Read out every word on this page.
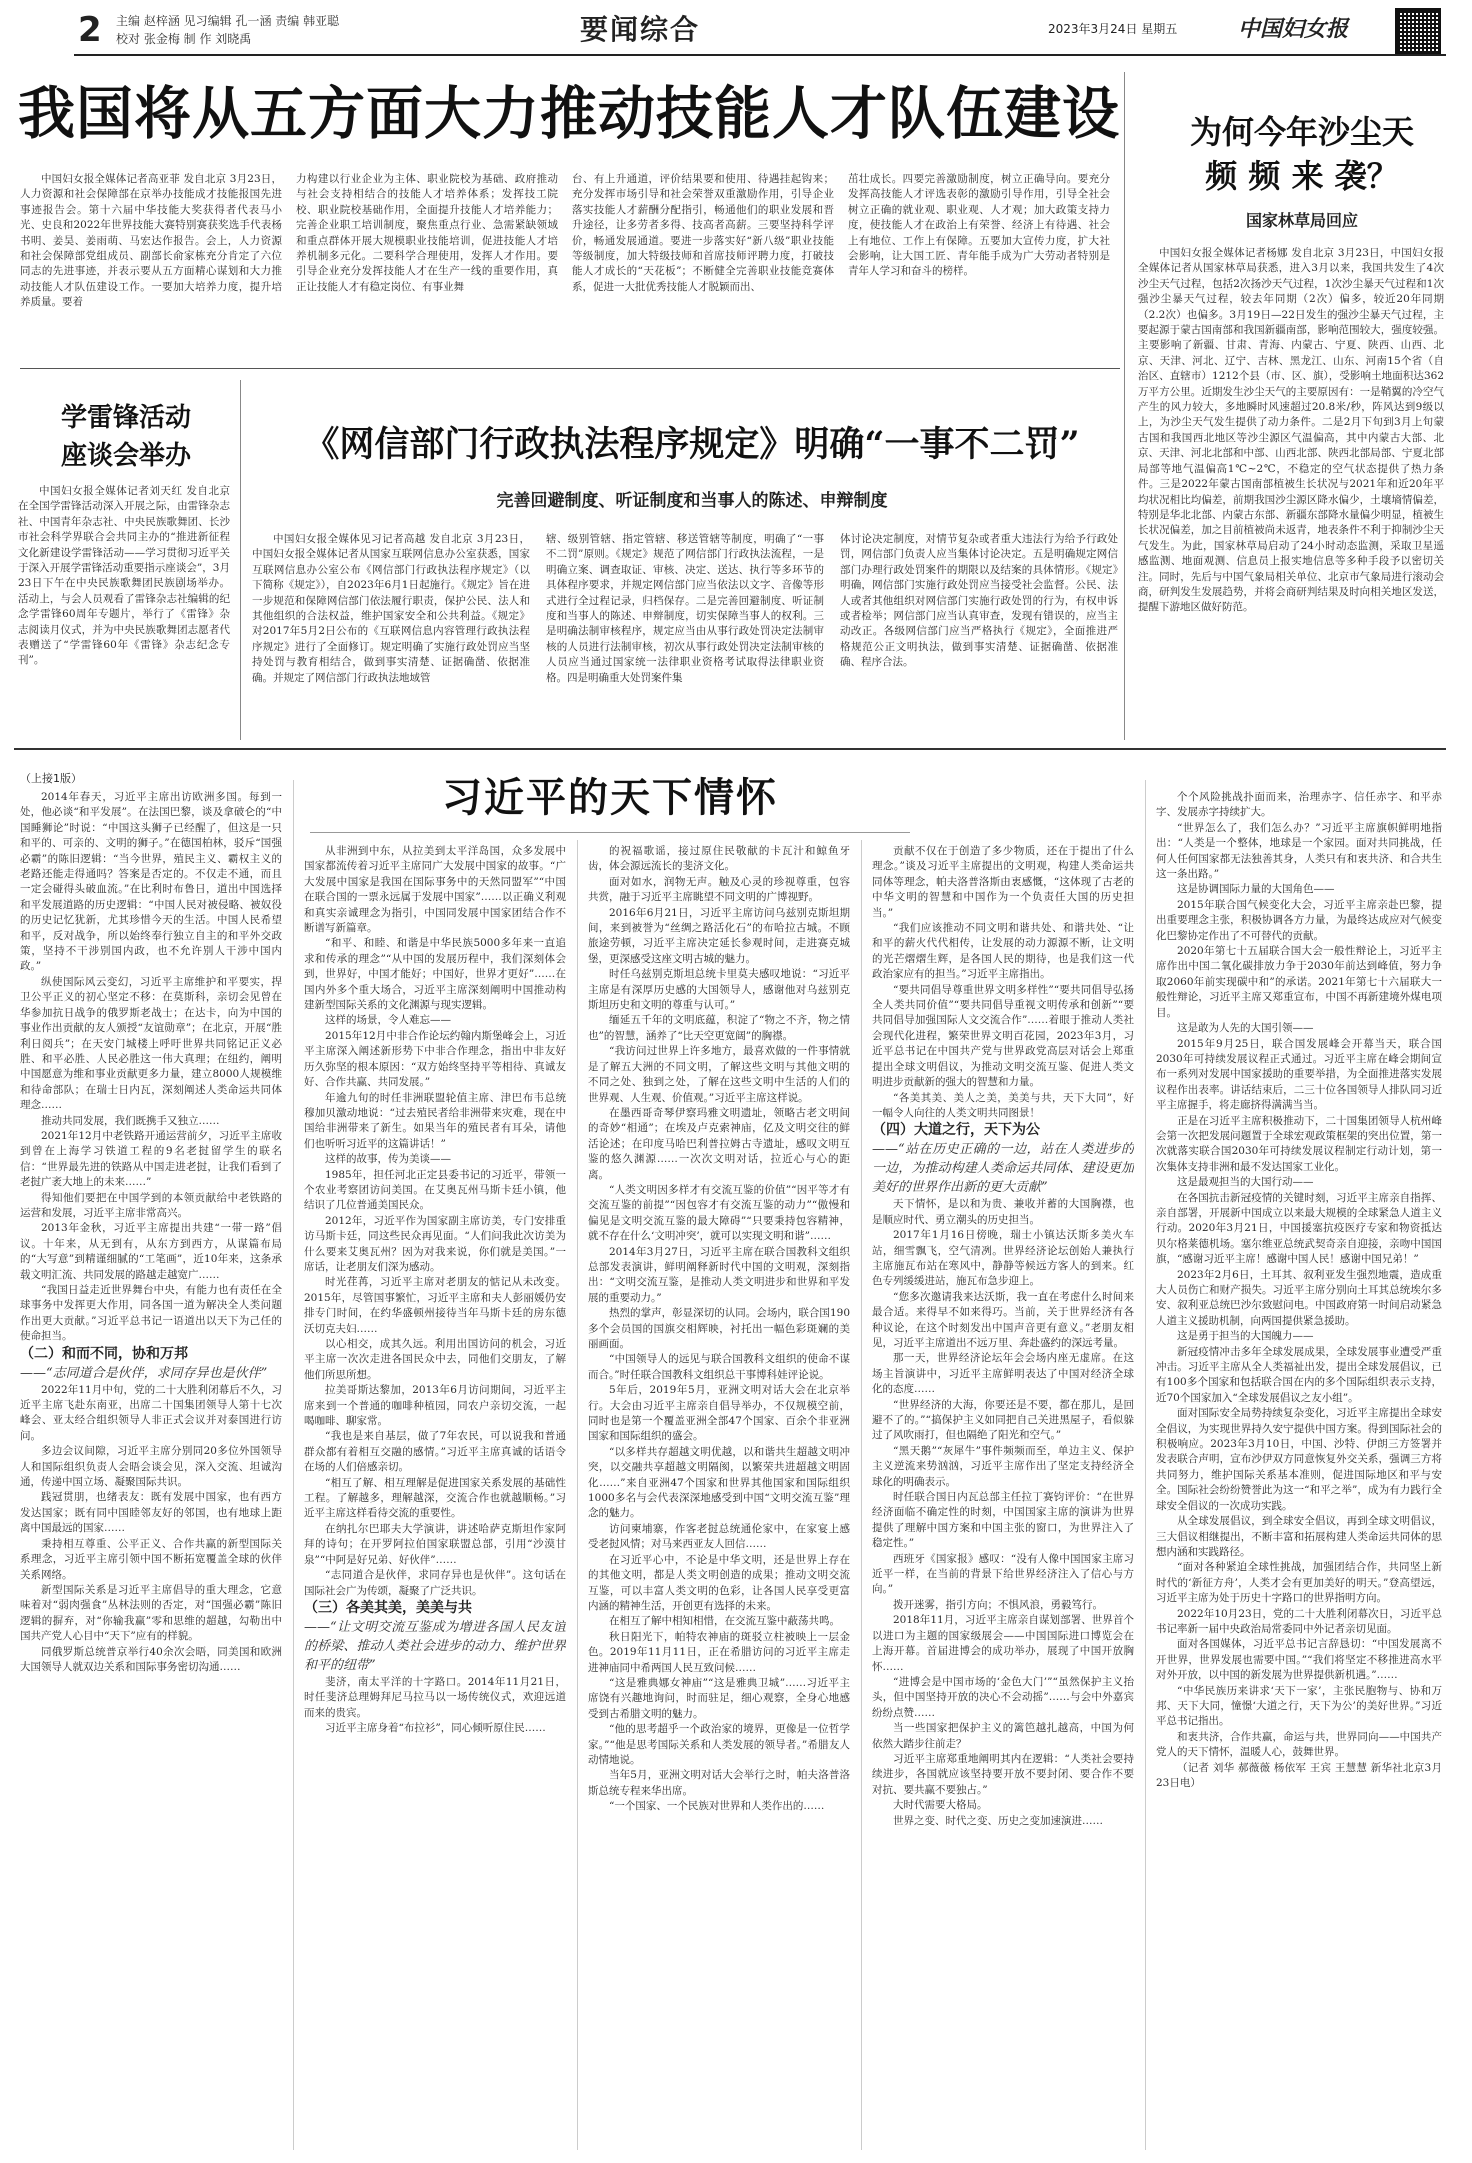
2	主编 赵梓涵 见习编辑 孔一涵 责编 韩亚聪
校对 张金梅 制 作 刘晓禹	要闻综合	2023年3月24日 星期五	中国妇女报
我国将从五方面大力推动技能人才队伍建设

中国妇女报全媒体记者高亚菲 发自北京 3月23日，人力资源和社会保障部在京举办技能成才技能报国先进事迹报告会。第十六届中华技能大奖获得者代表马小光、史良和2022年世界技能大赛特别赛获奖选手代表杨书明、姜昊、姜雨萌、马宏达作报告。会上，人力资源和社会保障部党组成员、副部长俞家栋充分肯定了六位同志的先进事迹，并表示要从五方面精心谋划和大力推动技能人才队伍建设工作。一要加大培养力度，提升培养质量。要着

力构建以行业企业为主体、职业院校为基础、政府推动与社会支持相结合的技能人才培养体系；发挥技工院校、职业院校基础作用，全面提升技能人才培养能力；完善企业职工培训制度，聚焦重点行业、急需紧缺领域和重点群体开展大规模职业技能培训，促进技能人才培养机制多元化。二要科学合理使用，发挥人才作用。要引导企业充分发挥技能人才在生产一线的重要作用，真正让技能人才有稳定岗位、有事业舞

台、有上升通道，评价结果要和使用、待遇挂起钩来；充分发挥市场引导和社会荣誉双重激励作用，引导企业落实技能人才薪酬分配指引，畅通他们的职业发展和晋升途径，让多劳者多得、技高者高薪。三要坚持科学评价，畅通发展通道。要进一步落实好“新八级”职业技能等级制度，加大特级技师和首席技师评聘力度，打破技能人才成长的“天花板”；不断健全完善职业技能竞赛体系，促进一大批优秀技能人才脱颖而出、

茁壮成长。四要完善激励制度，树立正确导向。要充分发挥高技能人才评选表彰的激励引导作用，引导全社会树立正确的就业观、职业观、人才观；加大政策支持力度，使技能人才在政治上有荣誉、经济上有待遇、社会上有地位、工作上有保障。五要加大宣传力度，扩大社会影响，让大国工匠、青年能手成为广大劳动者特别是青年人学习和奋斗的榜样。

为何今年沙尘天
频 频 来 袭？
国家林草局回应

中国妇女报全媒体记者杨娜 发自北京 3月23日，中国妇女报全媒体记者从国家林草局获悉，进入3月以来，我国共发生了4次沙尘天气过程，包括2次扬沙天气过程，1次沙尘暴天气过程和1次强沙尘暴天气过程，较去年同期（2次）偏多，较近20年同期（2.2次）也偏多。3月19日—22日发生的强沙尘暴天气过程，主要起源于蒙古国南部和我国新疆南部，影响范围较大，强度较强。主要影响了新疆、甘肃、青海、内蒙古、宁夏、陕西、山西、北京、天津、河北、辽宁、吉林、黑龙江、山东、河南15个省（自治区、直辖市）1212个县（市、区、旗），受影响土地面积达362万平方公里。近期发生沙尘天气的主要原因有：一是鞘翼的冷空气产生的风力较大，多地瞬时风速超过20.8米/秒，阵风达到9级以上，为沙尘天气发生提供了动力条件。二是2月下旬到3月上旬蒙古国和我国西北地区等沙尘源区气温偏高，其中内蒙古大部、北京、天津、河北北部和中部、山西北部、陕西北部局部、宁夏北部局部等地气温偏高1℃~2℃，不稳定的空气状态提供了热力条件。三是2022年蒙古国南部植被生长状况与2021年和近20年平均状况相比均偏差，前期我国沙尘源区降水偏少，土壤墒情偏差，特别是华北北部、内蒙古东部、新疆东部降水量偏少明显，植被生长状况偏差，加之目前植被尚未返青，地表条件不利于抑制沙尘天气发生。为此，国家林草局启动了24小时动态监测，采取卫星遥感监测、地面观测、信息员上报实地信息等多种手段予以密切关注。同时，先后与中国气象局相关单位、北京市气象局进行滚动会商，研判发生发展趋势，并将会商研判结果及时向相关地区发送，提醒下游地区做好防范。

学雷锋活动
座谈会举办

中国妇女报全媒体记者刘天红 发自北京 在全国学雷锋活动深入开展之际，由雷锋杂志社、中国青年杂志社、中央民族歌舞团、长沙市社会科学界联合会共同主办的“推进新征程文化新建设学雷锋活动——学习贯彻习近平关于深入开展学雷锋活动重要指示座谈会”，3月23日下午在中央民族歌舞团民族剧场举办。活动上，与会人员观看了雷锋杂志社编辑的纪念学雷锋60周年专题片，举行了《雷锋》杂志阅读月仪式，并为中央民族歌舞团志愿者代表赠送了“学雷锋60年《雷锋》杂志纪念专刊”。

《网信部门行政执法程序规定》明确“一事不二罚”
完善回避制度、听证制度和当事人的陈述、申辩制度

中国妇女报全媒体见习记者高越 发自北京 3月23日，中国妇女报全媒体记者从国家互联网信息办公室获悉，国家互联网信息办公室公布《网信部门行政执法程序规定》（以下简称《规定》），自2023年6月1日起施行。《规定》旨在进一步规范和保障网信部门依法履行职责，保护公民、法人和其他组织的合法权益，维护国家安全和公共利益。《规定》对2017年5月2日公布的《互联网信息内容管理行政执法程序规定》进行了全面修订。规定明确了实施行政处罚应当坚持处罚与教育相结合，做到事实清楚、证据确凿、依据准确。并规定了网信部门行政执法地域管

辖、级别管辖、指定管辖、移送管辖等制度，明确了“一事不二罚”原则。《规定》规范了网信部门行政执法流程，一是明确立案、调查取证、审核、决定、送达、执行等多环节的具体程序要求，并规定网信部门应当依法以文字、音像等形式进行全过程记录，归档保存。二是完善回避制度、听证制度和当事人的陈述、申辩制度，切实保障当事人的权利。三是明确法制审核程序，规定应当由从事行政处罚决定法制审核的人员进行法制审核，初次从事行政处罚决定法制审核的人员应当通过国家统一法律职业资格考试取得法律职业资格。四是明确重大处罚案件集

体讨论决定制度，对情节复杂或者重大违法行为给予行政处罚，网信部门负责人应当集体讨论决定。五是明确规定网信部门办理行政处罚案件的期限以及结案的具体情形。《规定》明确，网信部门实施行政处罚应当接受社会监督。公民、法人或者其他组织对网信部门实施行政处罚的行为，有权申诉或者检举；网信部门应当认真审查，发现有错误的，应当主动改正。各级网信部门应当严格执行《规定》，全面推进严格规范公正文明执法，做到事实清楚、证据确凿、依据准确、程序合法。

（上接1版）	习近平的天下情怀

2014年春天，习近平主席出访欧洲多国。每到一处，他必谈“和平发展”。在法国巴黎，谈及拿破仑的“中国睡狮论”时说：“中国这头狮子已经醒了，但这是一只和平的、可亲的、文明的狮子。”在德国柏林，驳斥“国强必霸”的陈旧逻辑：“当今世界，殖民主义、霸权主义的老路还能走得通吗？答案是否定的。不仅走不通，而且一定会碰得头破血流。”在比利时布鲁日，道出中国选择和平发展道路的历史逻辑：“中国人民对被侵略、被奴役的历史记忆犹新，尤其珍惜今天的生活。中国人民希望和平，反对战争，所以始终奉行独立自主的和平外交政策，坚持不干涉别国内政，也不允许别人干涉中国内政。”

纵使国际风云变幻，习近平主席维护和平要实，捍卫公平正义的初心坚定不移：在莫斯科，亲切会见曾在华参加抗日战争的俄罗斯老战士；在达卡，向为中国的事业作出贡献的友人颁授“友谊勋章”；在北京，开展“胜利日阅兵”；在天安门城楼上呼吁世界共同铭记正义必胜、和平必胜、人民必胜这一伟大真理；在纽约，阐明中国愿意为维和事业贡献更多力量，建立8000人规模维和待命部队；在瑞士日内瓦，深刻阐述人类命运共同体理念……

推动共同发展，我们既携手又独立……

2021年12月中老铁路开通运营前夕，习近平主席收到曾在上海学习铁道工程的9名老挝留学生的联名信：“世界最先进的铁路从中国走进老挝，让我们看到了老挝广袤大地上的未来……”

得知他们要把在中国学到的本领贡献给中老铁路的运营和发展，习近平主席非常高兴。

2013年金秋，习近平主席提出共建“一带一路”倡议。十年来，从无到有，从东方到西方，从谋篇布局的“大写意”到精谨细腻的“工笔画”，近10年来，这条承载文明汇流、共同发展的路越走越宽广……

“我国日益走近世界舞台中央，有能力也有责任在全球事务中发挥更大作用，同各国一道为解决全人类问题作出更大贡献。”习近平总书记一语道出以天下为己任的使命担当。

（二）和而不同，协和万邦

——“志同道合是伙伴，求同存异也是伙伴”

2022年11月中旬，党的二十大胜利闭幕后不久，习近平主席飞赴东南亚，出席二十国集团领导人第十七次峰会、亚太经合组织领导人非正式会议并对泰国进行访问。

多边会议间隙，习近平主席分别同20多位外国领导人和国际组织负责人会晤会谈会见，深入交流、坦诚沟通，传递中国立场、凝聚国际共识。

践冠贯朋，也绪表友：既有发展中国家，也有西方发达国家；既有同中国睦邻友好的邻国，也有地球上距离中国最远的国家……

秉持相互尊重、公平正义、合作共赢的新型国际关系理念，习近平主席引领中国不断拓宽覆盖全球的伙伴关系网络。

新型国际关系是习近平主席倡导的重大理念，它意味着对“弱肉强食”丛林法则的否定，对“国强必霸”陈旧逻辑的摒弃，对“你输我赢”零和思维的超越，勾勒出中国共产党人心目中“天下”应有的样貌。

同俄罗斯总统普京举行40余次会晤，同美国和欧洲大国领导人就双边关系和国际事务密切沟通……

从非洲到中东，从拉美到太平洋岛国，众多发展中国家都流传着习近平主席同广大发展中国家的故事。“广大发展中国家是我国在国际事务中的天然同盟军”“中国在联合国的一票永远属于发展中国家”……以正确义利观和真实亲诚理念为指引，中国同发展中国家团结合作不断谱写新篇章。

“和平、和睦、和谐是中华民族5000多年来一直追求和传承的理念”“从中国的发展历程中，我们深刻体会到，世界好，中国才能好；中国好，世界才更好”……在国内外多个重大场合，习近平主席深刻阐明中国推动构建新型国际关系的文化渊源与现实逻辑。

这样的场景，令人难忘——

2015年12月中非合作论坛约翰内斯堡峰会上，习近平主席深入阐述新形势下中非合作理念，指出中非友好历久弥坚的根本原因：“双方始终坚持平等相待、真诚友好、合作共赢、共同发展。”

年逾九旬的时任非洲联盟轮值主席、津巴布韦总统穆加贝激动地说：“过去殖民者给非洲带来灾难，现在中国给非洲带来了新生。如果当年的殖民者有耳朵，请他们也听听习近平的这篇讲话！”

这样的故事，传为美谈——

1985年，担任河北正定县委书记的习近平，带领一个农业考察团访问美国。在艾奥瓦州马斯卡廷小镇，他结识了几位普通美国民众。

2012年，习近平作为国家副主席访美，专门安排重访马斯卡廷，同这些民众再见面。“人们问我此次访美为什么要来艾奥瓦州？因为对我来说，你们就是美国。”一席话，让老朋友们深为感动。

时光荏苒，习近平主席对老朋友的惦记从未改变。2015年，尽管国事繁忙，习近平主席和夫人彭丽媛仍安排专门时间，在约华盛顿州接待当年马斯卡廷的房东德沃切克夫妇……

以心相交，成其久远。利用出国访问的机会，习近平主席一次次走进各国民众中去，同他们交朋友，了解他们所思所想。

拉美哥斯达黎加，2013年6月访问期间，习近平主席来到一个普通的咖啡种植园，同农户亲切交流，一起喝咖啡、聊家常。

“我也是来自基层，做了7年农民，可以说我和普通群众都有着相互交融的感情。”习近平主席真诚的话语令在场的人们倍感亲切。

“相互了解、相互理解是促进国家关系发展的基础性工程。了解越多，理解越深，交流合作也就越顺畅。”习近平主席这样看待交流的重要性。

在纳扎尔巴耶夫大学演讲，讲述哈萨克斯坦作家阿拜的诗句；在开罗阿拉伯国家联盟总部，引用“沙漠甘泉”“中阿是好兄弟、好伙伴”……

“志同道合是伙伴，求同存异也是伙伴”。这句话在国际社会广为传颂，凝聚了广泛共识。

（三）各美其美，美美与共

——“让文明交流互鉴成为增进各国人民友谊的桥梁、推动人类社会进步的动力、维护世界和平的纽带”

斐济，南太平洋的十字路口。2014年11月21日，时任斐济总理姆拜尼马拉马以一场传统仪式，欢迎远道而来的贵宾。

习近平主席身着“布拉衫”，同心倾听原住民……

的祝福歌谣，接过原住民敬献的卡瓦汁和鲸鱼牙齿，体会源远流长的斐济文化。

面对如水，润物无声。触及心灵的珍视尊重，包容共赏，融于习近平主席眺望不同文明的广博视野。

2016年6月21日，习近平主席访问乌兹别克斯坦期间，来到被誉为“丝绸之路活化石”的布哈拉古城。不顾旅途劳顿，习近平主席决定延长参观时间，走进赛克城堡，更深感受这座文明古城的魅力。

时任乌兹别克斯坦总统卡里莫夫感叹地说：“习近平主席是有深厚历史感的大国领导人，感谢他对乌兹别克斯坦历史和文明的尊重与认可。”

缅延五千年的文明底蕴，积淀了“物之不齐，物之情也”的智慧，涵养了“比天空更宽阔”的胸襟。

“我访问过世界上许多地方，最喜欢做的一件事情就是了解五大洲的不同文明，了解这些文明与其他文明的不同之处、独到之处，了解在这些文明中生活的人们的世界观、人生观、价值观。”习近平主席这样说。

在墨西哥奇琴伊察玛雅文明遗址，领略古老文明间的奇妙“相通”；在埃及卢克索神庙，亿及文明交往的鲜活论述；在印度马哈巴利普拉姆古寺遗址，感叹文明互鉴的悠久渊源……一次次文明对话，拉近心与心的距离。

“人类文明因多样才有交流互鉴的价值”“因平等才有交流互鉴的前提”“因包容才有交流互鉴的动力”“傲慢和偏见是文明交流互鉴的最大障碍”“只要秉持包容精神，就不存在什么‘文明冲突’，就可以实现文明和谐”……

2014年3月27日，习近平主席在联合国教科文组织总部发表演讲，鲜明阐释新时代中国的文明观，深刻指出：“文明交流互鉴，是推动人类文明进步和世界和平发展的重要动力。”

热烈的掌声，彰显深切的认同。会场内，联合国190多个会员国的国旗交相辉映，衬托出一幅色彩斑斓的美丽画面。

“中国领导人的远见与联合国教科文组织的使命不谋而合。”时任联合国教科文组织总干事博科娃评论说。

5年后，2019年5月，亚洲文明对话大会在北京举行。大会由习近平主席亲自倡导举办，不仅规模空前，同时也是第一个覆盖亚洲全部47个国家、百余个非亚洲国家和国际组织的盛会。

“以多样共存超越文明优越，以和谐共生超越文明冲突，以交融共享超越文明隔阂，以繁荣共进超越文明固化……”来自亚洲47个国家和世界其他国家和国际组织1000多名与会代表深深地感受到中国“文明交流互鉴”理念的魅力。

访问柬埔寨，作客老挝总统通伦家中，在家宴上感受老挝风情；对马来西亚友人回信……

在习近平心中，不论是中华文明，还是世界上存在的其他文明，都是人类文明创造的成果；推动文明交流互鉴，可以丰富人类文明的色彩，让各国人民享受更富内涵的精神生活，开创更有选择的未来。

在相互了解中相知相惜，在交流互鉴中蔽荡共鸣。

秋日阳光下，帕特农神庙的斑驳立柱被映上一层金色。2019年11月11日，正在希腊访问的习近平主席走进神庙同中希两国人民互致问候……

“这是雅典娜女神庙”“这是雅典卫城”……习近平主席饶有兴趣地询问，时而驻足，细心观察，全身心地感受到古希腊文明的魅力。

“他的思考超乎一个政治家的境界，更像是一位哲学家。”“他是思考国际关系和人类发展的领导者。”希腊友人动情地说。

当年5月，亚洲文明对话大会举行之时，帕夫洛普洛斯总统专程来华出席。

“一个国家、一个民族对世界和人类作出的……

贡献不仅在于创造了多少物质，还在于提出了什么理念。”谈及习近平主席提出的文明观，构建人类命运共同体等理念，帕夫洛普洛斯由衷感慨，“这体现了古老的中华文明的智慧和中国作为一个负责任大国的历史担当。”

“我们应该推动不同文明和谐共处、和谐共处、“让和平的薪火代代相传，让发展的动力源源不断，让文明的光芒熠熠生辉，是各国人民的期待，也是我们这一代政治家应有的担当。”习近平主席指出。

“要共同倡导尊重世界文明多样性”“要共同倡导弘扬全人类共同价值”“要共同倡导重视文明传承和创新”“要共同倡导加强国际人文交流合作”……着眼于推动人类社会现代化进程，繁荣世界文明百花园，2023年3月，习近平总书记在中国共产党与世界政党高层对话会上郑重提出全球文明倡议，为推动文明交流互鉴、促进人类文明进步贡献新的强大的智慧和力量。

“各美其美、美人之美，美美与共，天下大同”，好一幅令人向往的人类文明共同图景！

（四）大道之行，天下为公

——“站在历史正确的一边，站在人类进步的一边，为推动构建人类命运共同体、建设更加美好的世界作出新的更大贡献”

天下情怀，是以和为贵、兼收并蓄的大国胸襟，也是顺应时代、勇立潮头的历史担当。

2017年1月16日傍晚，瑞士小镇达沃斯多美火车站，细雪飘飞，空气清冽。世界经济论坛创始人兼执行主席施瓦布站在寒风中，静静等候远方客人的到来。红色专列缓缓进站，施瓦布急步迎上。

“您多次邀请我来达沃斯，我一直在考虑什么时间来最合适。来得早不如来得巧。当前，关于世界经济有各种议论，在这个时刻发出中国声音更有意义。”老朋友相见，习近平主席道出不远万里、奔赴盛约的深远考量。

那一天，世界经济论坛年会会场内座无虚席。在这场主旨演讲中，习近平主席鲜明表达了中国对经济全球化的态度……

“世界经济的大海，你要还是不要，都在那儿，是回避不了的。”“搞保护主义如同把自己关进黑屋子，看似躲过了风吹雨打，但也隔绝了阳光和空气。”

“黑天鹅”“灰犀牛”事件频频而至，单边主义、保护主义逆流来势汹汹，习近平主席作出了坚定支持经济全球化的明确表示。

时任联合国日内瓦总部主任拉丁赛钧评价：“在世界经济面临不确定性的时刻，中国国家主席的演讲为世界提供了理解中国方案和中国主张的窗口，为世界注入了稳定性。”

西班牙《国家报》感叹：“没有人像中国国家主席习近平一样，在当前的背景下给世界经济注入了信心与方向。”

拨开迷雾，指引方向；不惧风浪，勇毅笃行。

2018年11月，习近平主席亲自谋划部署、世界首个以进口为主题的国家级展会——中国国际进口博览会在上海开幕。首届进博会的成功举办，展现了中国开放胸怀……

“进博会是中国市场的‘金色大门’”“虽然保护主义抬头，但中国坚持开放的决心不会动摇”……与会中外嘉宾纷纷点赞……

当一些国家把保护主义的篱笆越扎越高，中国为何依然大踏步往前走？

习近平主席郑重地阐明其内在逻辑：“人类社会要持续进步，各国就应该坚持要开放不要封闭、要合作不要对抗、要共赢不要独占。”

大时代需要大格局。

世界之变、时代之变、历史之变加速演进……

个个风险挑战扑面而来，治理赤字、信任赤字、和平赤字、发展赤字持续扩大。

“世界怎么了，我们怎么办？”习近平主席旗帜鲜明地指出：“人类是一个整体，地球是一个家园。面对共同挑战，任何人任何国家都无法独善其身，人类只有和衷共济、和合共生这一条出路。”

这是协调国际力量的大国角色——

2015年联合国气候变化大会，习近平主席亲赴巴黎，提出重要理念主张，积极协调各方力量，为最终达成应对气候变化巴黎协定作出了不可替代的贡献。

2020年第七十五届联合国大会一般性辩论上，习近平主席作出中国二氧化碳排放力争于2030年前达到峰值，努力争取2060年前实现碳中和”的承诺。2021年第七十六届联大一般性辩论，习近平主席又郑重宣布，中国不再新建境外煤电项目。

这是敢为人先的大国引领——

2015年9月25日，联合国发展峰会开幕当天，联合国2030年可持续发展议程正式通过。习近平主席在峰会期间宣布一系列对发展中国家援助的重要举措，为全面推进落实发展议程作出表率。讲话结束后，二三十位各国领导人排队同习近平主席握手，将走廊挤得满满当当。

正是在习近平主席积极推动下，二十国集团领导人杭州峰会第一次把发展问题置于全球宏观政策框架的突出位置，第一次就落实联合国2030年可持续发展议程制定行动计划，第一次集体支持非洲和最不发达国家工业化。

这是最观担当的大国行动——

在各国抗击新冠疫情的关键时刻，习近平主席亲自指挥、亲自部署，开展新中国成立以来最大规模的全球紧急人道主义行动。2020年3月21日，中国援塞抗疫医疗专家和物资抵达贝尔格莱德机场。塞尔维亚总统武契奇亲自迎接，亲吻中国国旗，“感谢习近平主席！感谢中国人民！感谢中国兄弟！”

2023年2月6日，土耳其、叙利亚发生强烈地震，造成重大人员伤亡和财产损失。习近平主席分别向土耳其总统埃尔多安、叙利亚总统巴沙尔致慰问电。中国政府第一时间启动紧急人道主义援助机制，向两国提供紧急援助。

这是勇于担当的大国魄力——

新冠疫情冲击多年全球发展成果，全球发展事业遭受严重冲击。习近平主席从全人类福祉出发，提出全球发展倡议，已有100多个国家和包括联合国在内的多个国际组织表示支持，近70个国家加入“全球发展倡议之友小组”。

面对国际安全局势持续复杂变化，习近平主席提出全球安全倡议，为实现世界持久安宁提供中国方案。得到国际社会的积极响应。2023年3月10日，中国、沙特、伊朗三方签署并发表联合声明，宣布沙伊双方同意恢复外交关系，强调三方将共同努力，维护国际关系基本准则，促进国际地区和平与安全。国际社会纷纷赞誉此为这一“和平之举”，成为有力践行全球安全倡议的一次成功实践。

从全球发展倡议，到全球安全倡议，再到全球文明倡议，三大倡议相继提出，不断丰富和拓展构建人类命运共同体的思想内涵和实践路径。

“面对各种紧迫全球性挑战，加强团结合作，共同坚上新时代的‘新征方舟’，人类才会有更加美好的明天。”登高望远，习近平主席为处于历史十字路口的世界指明方向。

2022年10月23日，党的二十大胜利闭幕次日，习近平总书记率新一届中央政治局常委同中外记者亲切见面。

面对各国媒体，习近平总书记言辞恳切：“中国发展离不开世界，世界发展也需要中国。”“我们将坚定不移推进高水平对外开放，以中国的新发展为世界提供新机遇。”……

“中华民族历来讲求‘天下一家’，主张民胞物与、协和万邦、天下大同，憧憬‘大道之行，天下为公’的美好世界。”习近平总书记指出。

和衷共济，合作共赢，命运与共，世界同向——中国共产党人的天下情怀，温暖人心，鼓舞世界。

（记者 刘华 郝薇薇 杨依军 王宾 王慧慧 新华社北京3月23日电）
